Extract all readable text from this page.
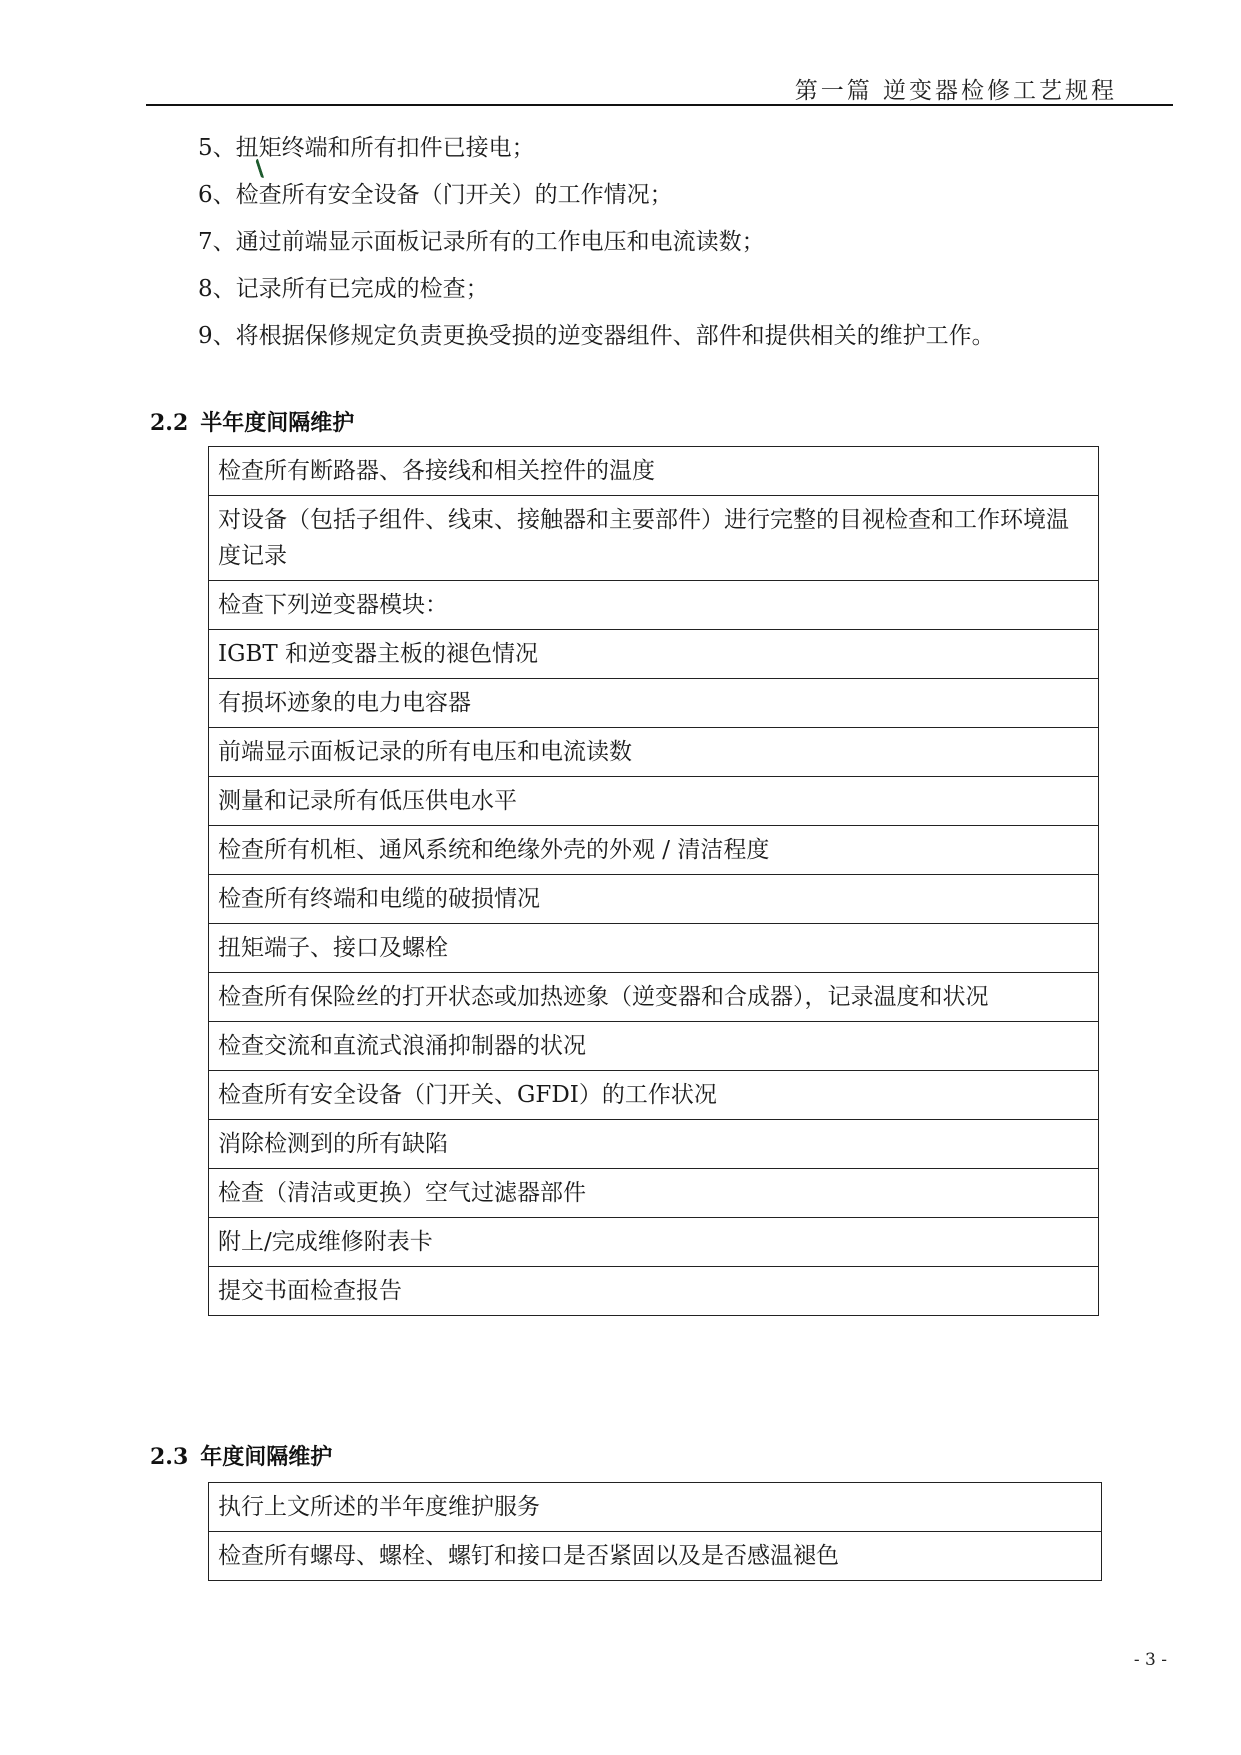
第一篇 逆变器检修工艺规程
5、扭矩终端和所有扣件已接电；
6、检查所有安全设备（门开关）的工作情况；
7、通过前端显示面板记录所有的工作电压和电流读数；
8、记录所有已完成的检查；
9、将根据保修规定负责更换受损的逆变器组件、部件和提供相关的维护工作。
2.2 半年度间隔维护
检查所有断路器、各接线和相关控件的温度
对设备（包括子组件、线束、接触器和主要部件）进行完整的目视检查和工作环境温度记录
检查下列逆变器模块：
IGBT 和逆变器主板的褪色情况
有损坏迹象的电力电容器
前端显示面板记录的所有电压和电流读数
测量和记录所有低压供电水平
检查所有机柜、通风系统和绝缘外壳的外观 / 清洁程度
检查所有终端和电缆的破损情况
扭矩端子、接口及螺栓
检查所有保险丝的打开状态或加热迹象（逆变器和合成器），记录温度和状况
检查交流和直流式浪涌抑制器的状况
检查所有安全设备（门开关、GFDI）的工作状况
消除检测到的所有缺陷
检查（清洁或更换）空气过滤器部件
附上/完成维修附表卡
提交书面检查报告
2.3 年度间隔维护
执行上文所述的半年度维护服务
检查所有螺母、螺栓、螺钉和接口是否紧固以及是否感温褪色
- 3 -
